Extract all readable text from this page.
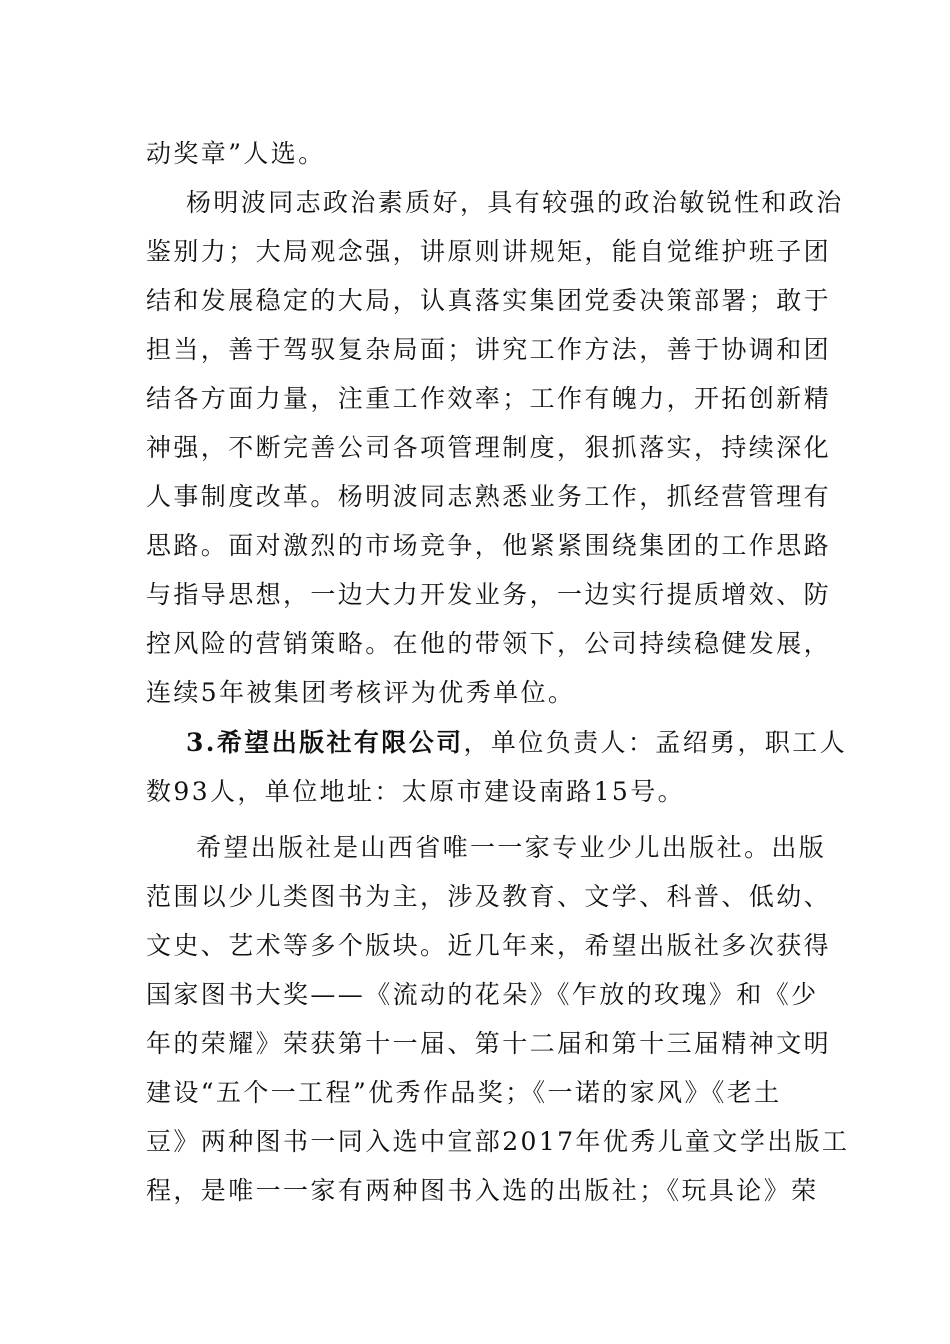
动奖章”人选。

杨明波同志政治素质好，具有较强的政治敏锐性和政治

鉴别力；大局观念强，讲原则讲规矩，能自觉维护班子团

结和发展稳定的大局，认真落实集团党委决策部署；敢于

担当，善于驾驭复杂局面；讲究工作方法，善于协调和团

结各方面力量，注重工作效率；工作有魄力，开拓创新精

神强，不断完善公司各项管理制度，狠抓落实，持续深化

人事制度改革。杨明波同志熟悉业务工作，抓经营管理有

思路。面对激烈的市场竞争，他紧紧围绕集团的工作思路

与指导思想，一边大力开发业务，一边实行提质增效、防

控风险的营销策略。在他的带领下，公司持续稳健发展，

连续5年被集团考核评为优秀单位。

3.希望出版社有限公司，单位负责人：孟绍勇，职工人

数93人，单位地址：太原市建设南路15号。

希望出版社是山西省唯一一家专业少儿出版社。出版

范围以少儿类图书为主，涉及教育、文学、科普、低幼、

文史、艺术等多个版块。近几年来，希望出版社多次获得

国家图书大奖——《流动的花朵》《乍放的玫瑰》和《少

年的荣耀》荣获第十一届、第十二届和第十三届精神文明

建设“五个一工程”优秀作品奖；《一诺的家风》《老土

豆》两种图书一同入选中宣部2017年优秀儿童文学出版工

程，是唯一一家有两种图书入选的出版社；《玩具论》荣
